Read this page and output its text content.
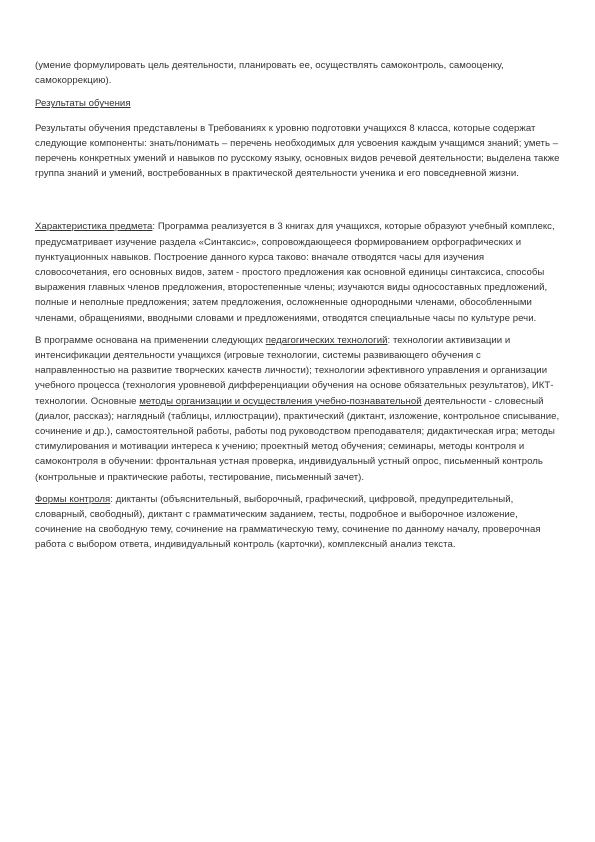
(умение формулировать цель деятельности, планировать ее, осуществлять самоконтроль, самооценку, самокоррекцию).

Результаты обучения

Результаты обучения представлены в Требованиях к уровню подготовки учащихся 8 класса, которые содержат следующие компоненты: знать/понимать – перечень необходимых для усвоения каждым учащимся знаний; уметь – перечень конкретных умений и навыков по русскому языку, основных видов речевой деятельности; выделена также группа знаний и умений, востребованных в практической деятельности ученика и его повседневной жизни.

Характеристика предмета: Программа реализуется в 3 книгах для учащихся, которые образуют учебный комплекс, предусматривает изучение раздела «Синтаксис», сопровождающееся формированием орфографических и пунктуационных навыков. Построение данного курса таково: вначале отводятся часы для изучения словосочетания, его основных видов, затем - простого предложения как основной единицы синтаксиса, способы выражения главных членов предложения, второстепенные члены; изучаются виды односоставных предложений, полные и неполные предложения; затем предложения, осложненные однородными членами, обособленными членами, обращениями, вводными словами и предложениями, отводятся специальные часы по культуре речи.

В программе основана на применении следующих педагогических технологий: технологии активизации и интенсификации деятельности учащихся (игровые технологии, системы развивающего обучения с направленностью на развитие творческих качеств личности); технологии эфективного управления и организации учебного процесса (технология уровневой дифференциации обучения на основе обязательных результатов), ИКТ-технологии. Основные методы организации и осуществления учебно-познавательной деятельности - словесный (диалог, рассказ); наглядный (таблицы, иллюстрации), практический (диктант, изложение, контрольное списывание, сочинение и др.), самостоятельной работы, работы под руководством преподавателя; дидактическая игра; методы стимулирования и мотивации интереса к учению; проектный метод обучения; семинары, методы контроля и самоконтроля в обучении: фронтальная устная проверка, индивидуальный устный опрос, письменный контроль (контрольные и практические работы, тестирование, письменный зачет).

Формы контроля: диктанты (объяснительный, выборочный, графический, цифровой, предупредительный, словарный, свободный), диктант с грамматическим заданием, тесты, подробное и выборочное изложение, сочинение на свободную тему, сочинение на грамматическую тему, сочинение по данному началу, проверочная работа с выбором ответа, индивидуальный контроль (карточки), комплексный анализ текста.
